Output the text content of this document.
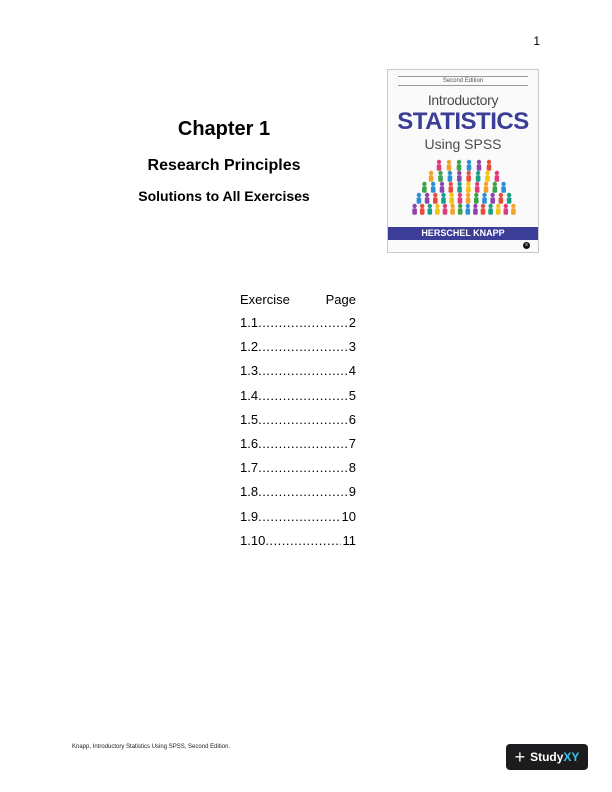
1
Chapter 1
Research Principles
Solutions to All Exercises
Second Edition
Introductory
STATISTICS
Using SPSS
HERSCHEL KNAPP
s
Exercise	Page
1.1 .....	2
1.2 .....	3
1.3 .....	4
1.4 .....	5
1.5 .....	6
1.6 .....	7
1.7 .....	8
1.8 .....	9
1.9 .....	10
1.10 .....	11
Knapp, Introductory Statistics Using SPSS, Second Edition.	+ Study XY
